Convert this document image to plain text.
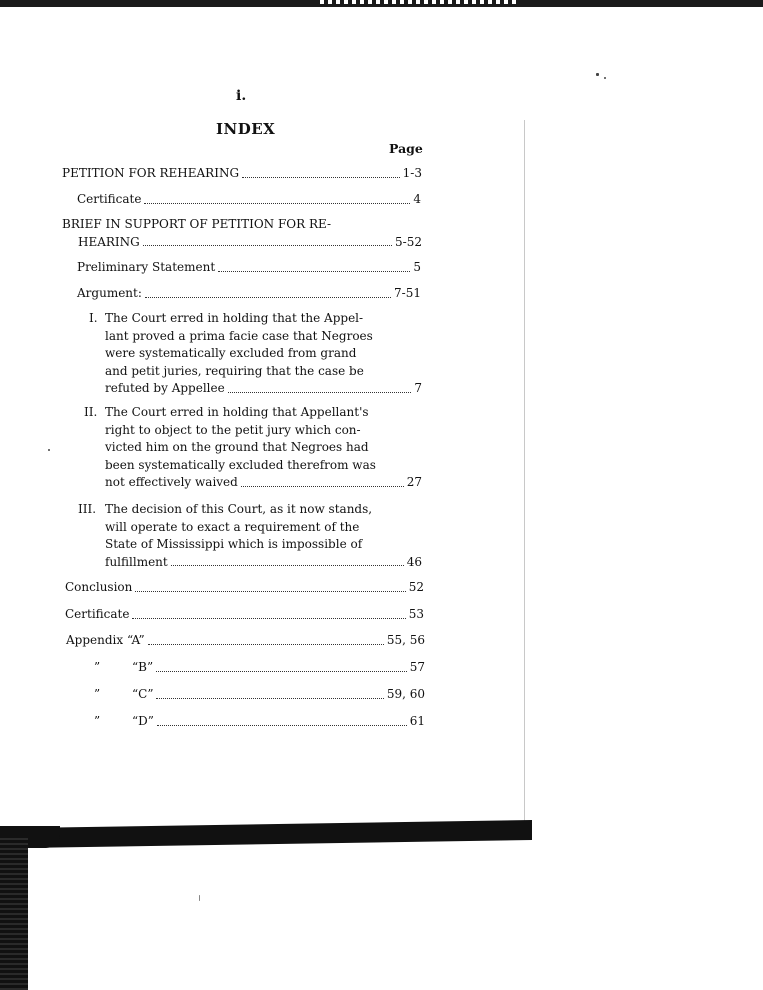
i.
INDEX
Page
PETITION FOR REHEARING	1-3
Certificate	4
BRIEF IN SUPPORT OF PETITION FOR RE-
HEARING	5-52
Preliminary Statement	5
Argument:	7-51
I. The Court erred in holding that the Appel-
lant proved a prima facie case that Negroes
were systematically excluded from grand
and petit juries, requiring that the case be
refuted by Appellee	7
II. The Court erred in holding that Appellant's
right to object to the petit jury which con-
victed him on the ground that Negroes had
been systematically excluded therefrom was
not effectively waived	27
III. The decision of this Court, as it now stands,
will operate to exact a requirement of the
State of Mississippi which is impossible of
fulfillment	46
Conclusion	52
Certificate	53
Appendix “A”	55, 56
”	“B”	57
”	“C”	59, 60
”	“D”	61
